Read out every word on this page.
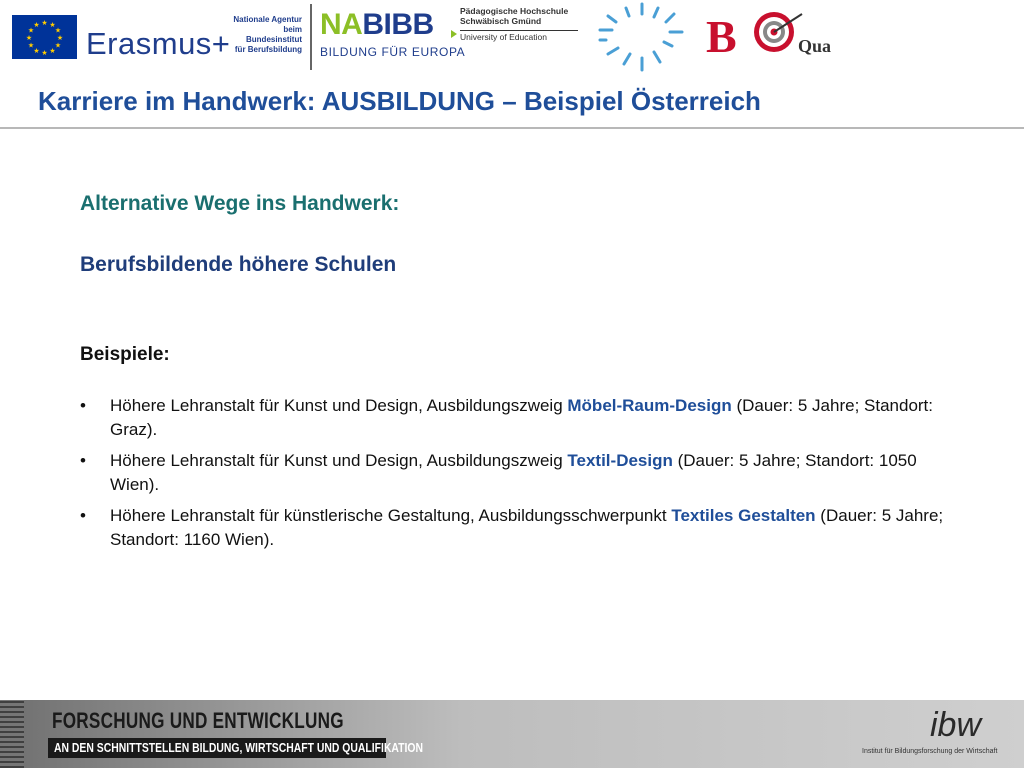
★ ★
★
★
★
★
★
★
★
★
★
★
Erasmus+
Nationale Agentur
beim Bundesinstitut
für Berufsbildung
NABIBB
BILDUNG FÜR EUROPA
Pädagogische Hochschule
Schwäbisch Gmünd
University of Education	B	Qua
Karriere im Handwerk: AUSBILDUNG – Beispiel Österreich
Alternative Wege ins Handwerk:
Berufsbildende höhere Schulen
Beispiele:
• Höhere Lehranstalt für Kunst und Design, Ausbildungszweig Möbel-Raum-Design (Dauer: 5 Jahre; Standort: Graz).
• Höhere Lehranstalt für Kunst und Design, Ausbildungszweig Textil-Design (Dauer: 5 Jahre; Standort: 1050 Wien).
• Höhere Lehranstalt für künstlerische Gestaltung, Ausbildungsschwerpunkt Textiles Gestalten (Dauer: 5 Jahre; Standort: 1160 Wien).
FORSCHUNG UND ENTWICKLUNG
AN DEN SCHNITTSTELLEN BILDUNG, WIRTSCHAFT UND QUALIFIKATION
ibw
Institut für Bildungsforschung der Wirtschaft
